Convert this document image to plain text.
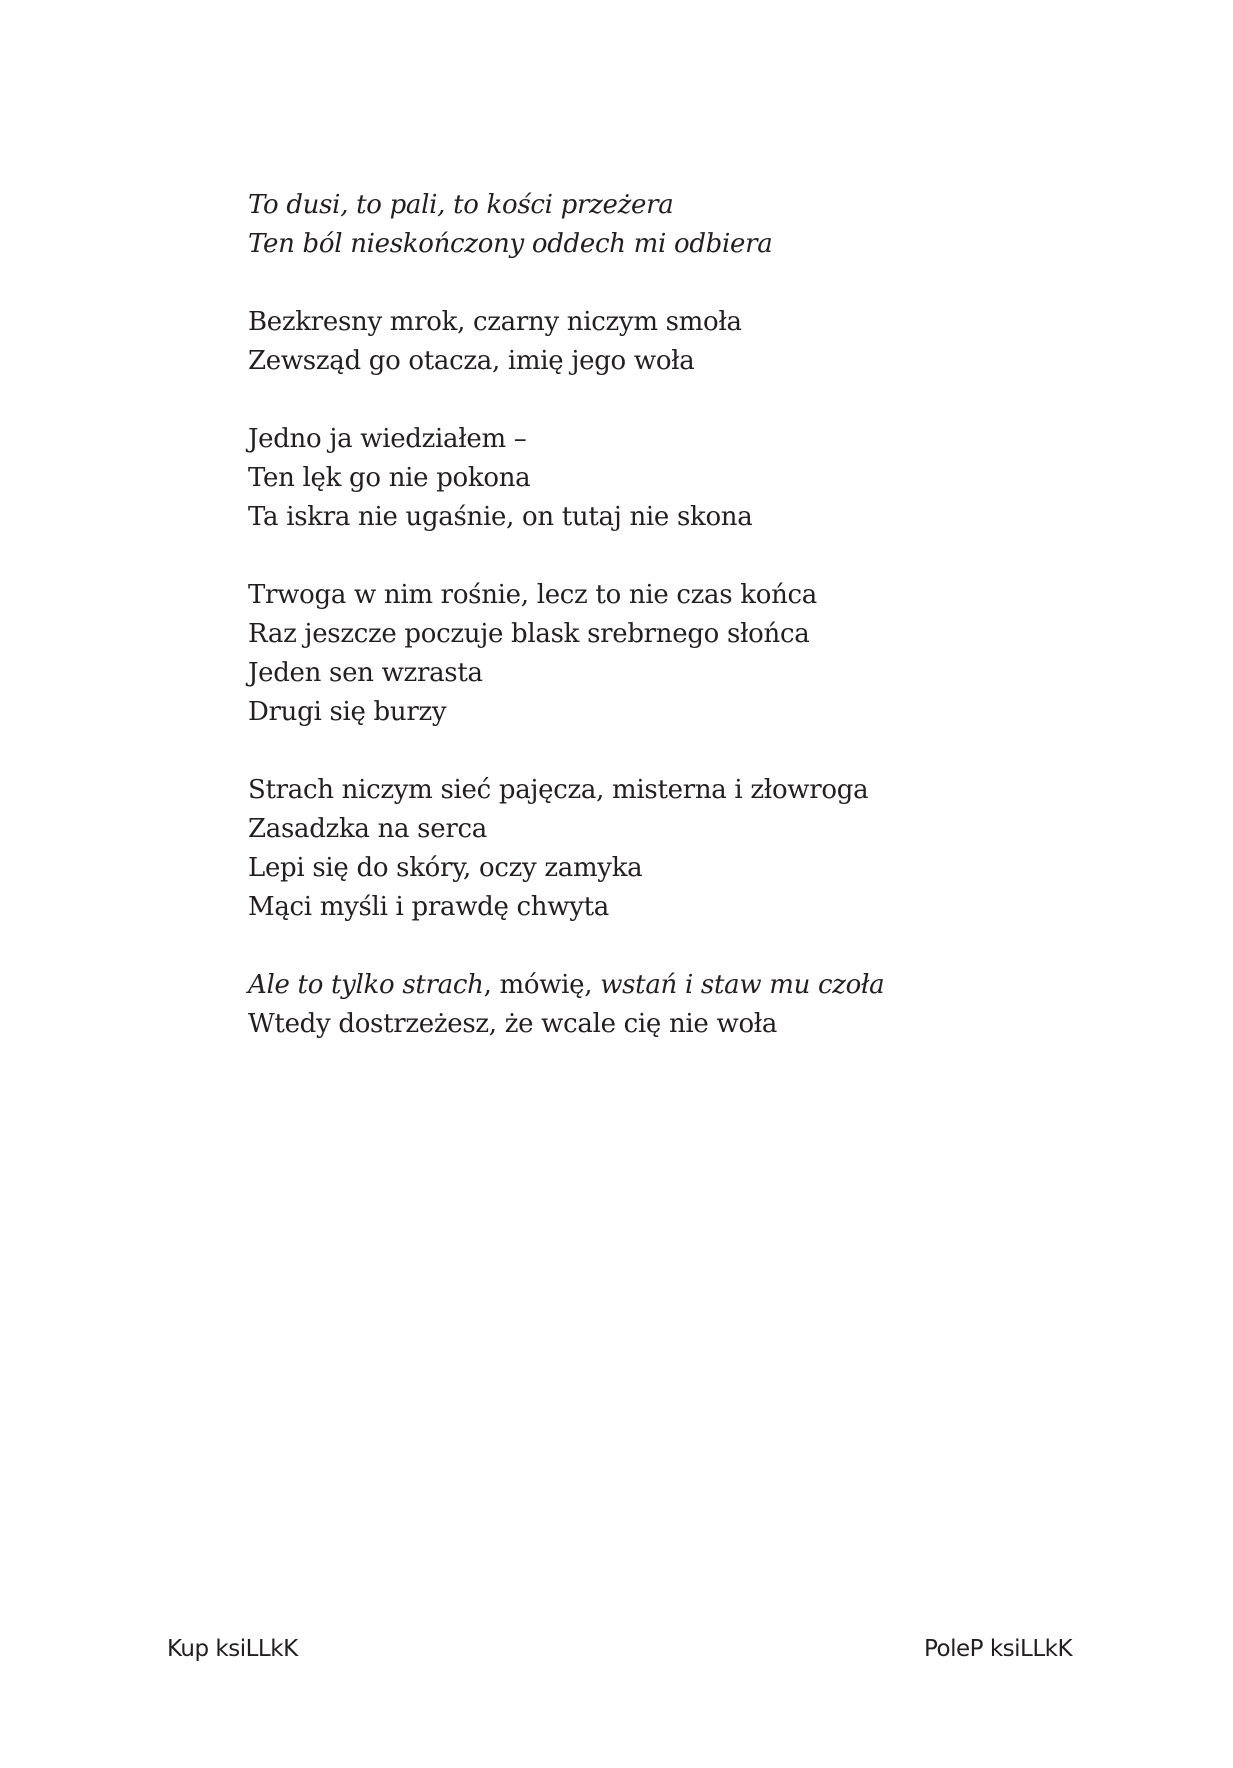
To dusi, to pali, to kości przeżera
Ten ból nieskończony oddech mi odbiera
Bezkresny mrok, czarny niczym smoła
Zewsząd go otacza, imię jego woła
Jedno ja wiedziałem –
Ten lęk go nie pokona
Ta iskra nie ugaśnie, on tutaj nie skona
Trwoga w nim rośnie, lecz to nie czas końca
Raz jeszcze poczuje blask srebrnego słońca
Jeden sen wzrasta
Drugi się burzy
Strach niczym sieć pajęcza, misterna i złowroga
Zasadzka na serca
Lepi się do skóry, oczy zamyka
Mąci myśli i prawdę chwyta
Ale to tylko strach, mówię, wstań i staw mu czoła
Wtedy dostrzeżesz, że wcale cię nie woła
Kup ksiLLkK	PoleP ksiLLkK
